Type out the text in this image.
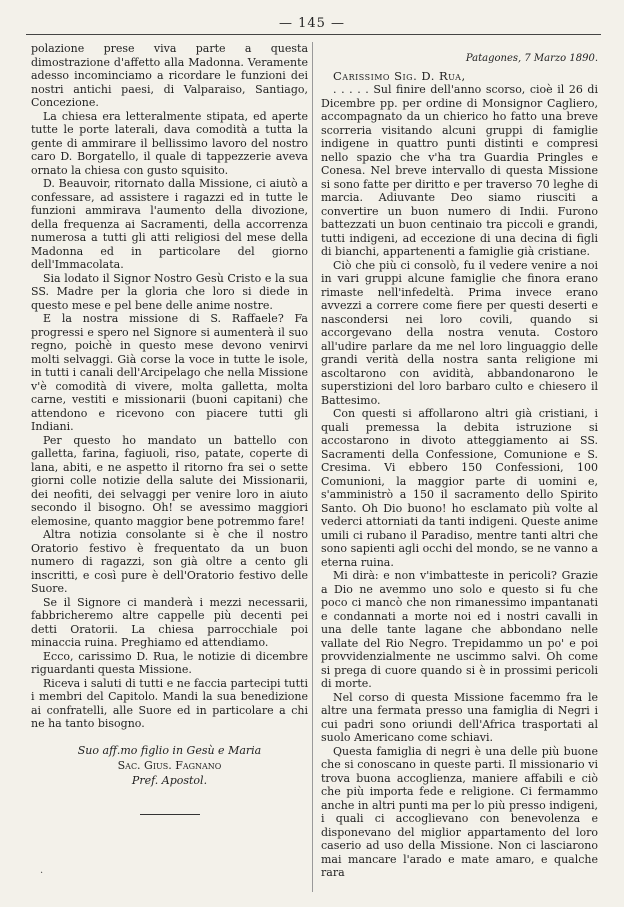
— 145 —

polazione prese viva parte a questa dimostrazione d'affetto alla Madonna. Veramente adesso incominciamo a ricordare le funzioni dei nostri antichi paesi, di Valparaiso, Santiago, Concezione.

La chiesa era letteralmente stipata, ed aperte tutte le porte laterali, dava comodità a tutta la gente di ammirare il bellissimo lavoro del nostro caro D. Borgatello, il quale di tappezzerie aveva ornato la chiesa con gusto squisito.

D. Beauvoir, ritornato dalla Missione, ci aiutò a confessare, ad assistere i ragazzi ed in tutte le funzioni ammirava l'aumento della divozione, della frequenza ai Sacramenti, della accorrenza numerosa a tutti gli atti religiosi del mese della Madonna ed in particolare del giorno dell'Immacolata.

Sia lodato il Signor Nostro Gesù Cristo e la sua SS. Madre per la gloria che loro si diede in questo mese e pel bene delle anime nostre.

E la nostra missione di S. Raffaele? Fa progressi e spero nel Signore si aumenterà il suo regno, poichè in questo mese devono venirvi molti selvaggi. Già corse la voce in tutte le isole, in tutti i canali dell'Arcipelago che nella Missione v'è comodità di vivere, molta galletta, molta carne, vestiti e missionarii (buoni capitani) che attendono e ricevono con piacere tutti gli Indiani.

Per questo ho mandato un battello con galletta, farina, fagiuoli, riso, patate, coperte di lana, abiti, e ne aspetto il ritorno fra sei o sette giorni colle notizie della salute dei Missionarii, dei neofiti, dei selvaggi per venire loro in aiuto secondo il bisogno. Oh! se avessimo maggiori elemosine, quanto maggior bene potremmo fare!

Altra notizia consolante si è che il nostro Oratorio festivo è frequentato da un buon numero di ragazzi, son già oltre a cento gli inscritti, e così pure è dell'Oratorio festivo delle Suore.

Se il Signore ci manderà i mezzi necessarii, fabbricheremo altre cappelle più decenti pei detti Oratorii. La chiesa parrocchiale poi minaccia ruina. Preghiamo ed attendiamo.

Ecco, carissimo D. Rua, le notizie di dicembre riguardanti questa Missione.

Riceva i saluti di tutti e ne faccia partecipi tutti i membri del Capitolo. Mandi la sua benedizione ai confratelli, alle Suore ed in particolare a chi ne ha tanto bisogno.

Suo aff.mo figlio in Gesù e Maria
Sac. Gius. Fagnano
Pref. Apostol.
Patagones, 7 Marzo 1890.

Carissimo Sig. D. Rua,

. . . . . Sul finire dell'anno scorso, cioè il 26 di Dicembre pp. per ordine di Monsignor Cagliero, accompagnato da un chierico ho fatto una breve scorreria visitando alcuni gruppi di famiglie indigene in quattro punti distinti e compresi nello spazio che v'ha tra Guardia Pringles e Conesa. Nel breve intervallo di questa Missione si sono fatte per diritto e per traverso 70 leghe di marcia. Adiuvante Deo siamo riusciti a convertire un buon numero di Indii. Furono battezzati un buon centinaio tra piccoli e grandi, tutti indigeni, ad eccezione di una decina di figli di bianchi, appartenenti a famiglie già cristiane.

Ciò che più ci consolò, fu il vedere venire a noi in vari gruppi alcune famiglie che finora erano rimaste nell'infedeltà. Prima invece erano avvezzi a correre come fiere per questi deserti e nascondersi nei loro covili, quando si accorgevano della nostra venuta. Costoro all'udire parlare da me nel loro linguaggio delle grandi verità della nostra santa religione mi ascoltarono con avidità, abbandonarono le superstizioni del loro barbaro culto e chiesero il Battesimo.

Con questi si affollarono altri già cristiani, i quali premessa la debita istruzione si accostarono in divoto atteggiamento ai SS. Sacramenti della Confessione, Comunione e S. Cresima. Vi ebbero 150 Confessioni, 100 Comunioni, la maggior parte di uomini e, s'amministrò a 150 il sacramento dello Spirito Santo. Oh Dio buono! ho esclamato più volte al vederci attorniati da tanti indigeni. Queste anime umili ci rubano il Paradiso, mentre tanti altri che sono sapienti agli occhi del mondo, se ne vanno a eterna ruina.

Mi dirà: e non v'imbatteste in pericoli? Grazie a Dio ne avemmo uno solo e questo si fu che poco ci mancò che non rimanessimo impantanati e condannati a morte noi ed i nostri cavalli in una delle tante lagane che abbondano nelle vallate del Rio Negro. Trepidammo un po' e poi provvidenzialmente ne uscimmo salvi. Oh come si prega di cuore quando si è in prossimi pericoli di morte.

Nel corso di questa Missione facemmo fra le altre una fermata presso una famiglia di Negri i cui padri sono oriundi dell'Africa trasportati al suolo Americano come schiavi.

Questa famiglia di negri è una delle più buone che si conoscano in queste parti. Il missionario vi trova buona accoglienza, maniere affabili e ciò che più importa fede e religione. Ci fermammo anche in altri punti ma per lo più presso indigeni, i quali ci accoglievano con benevolenza e disponevano del miglior appartamento del loro caserio ad uso della Missione. Non ci lasciarono mai mancare l'arado e mate amaro, e qualche rara

·
